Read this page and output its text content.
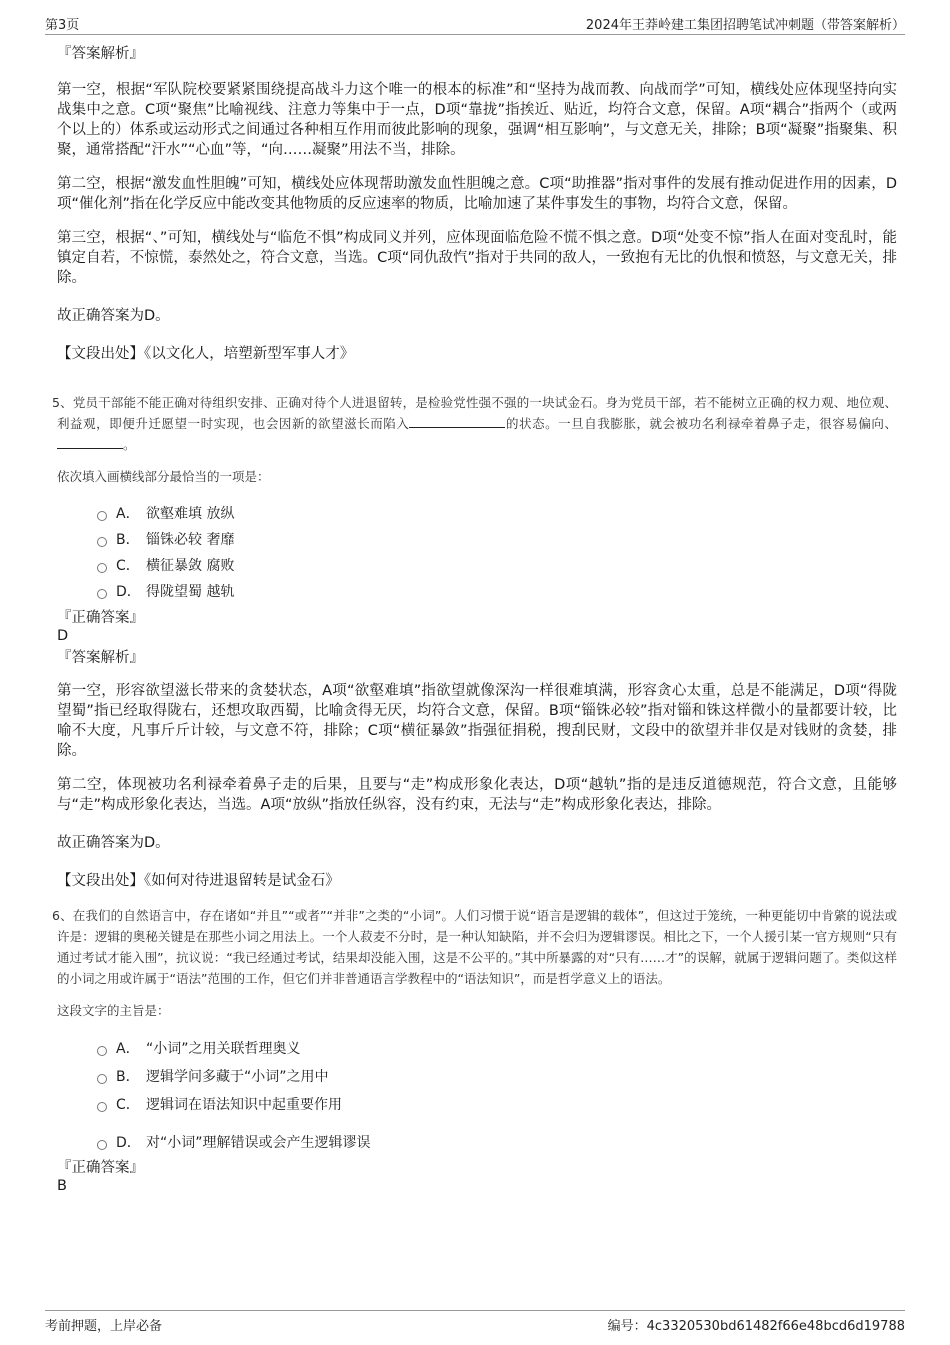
第3页	2024年王莽岭建工集团招聘笔试冲刺题（带答案解析）

『答案解析』

第一空，根据“军队院校要紧紧围绕提高战斗力这个唯一的根本的标准”和“坚持为战而教、向战而学”可知，横线处应体现坚持向实战集中之意。C项“聚焦”比喻视线、注意力等集中于一点，D项“靠拢”指挨近、贴近，均符合文意，保留。A项“耦合”指两个（或两个以上的）体系或运动形式之间通过各种相互作用而彼此影响的现象，强调“相互影响”，与文意无关，排除；B项“凝聚”指聚集、积聚，通常搭配“汗水”“心血”等，“向……凝聚”用法不当，排除。

第二空，根据“激发血性胆魄”可知，横线处应体现帮助激发血性胆魄之意。C项“助推器”指对事件的发展有推动促进作用的因素，D项“催化剂”指在化学反应中能改变其他物质的反应速率的物质，比喻加速了某件事发生的事物，均符合文意，保留。

第三空，根据“、”可知，横线处与“临危不惧”构成同义并列，应体现面临危险不慌不惧之意。D项“处变不惊”指人在面对变乱时，能镇定自若，不惊慌，泰然处之，符合文意，当选。C项“同仇敌忾”指对于共同的敌人，一致抱有无比的仇恨和愤怒，与文意无关，排除。

故正确答案为D。

【文段出处】《以文化人，培塑新型军事人才》

5、党员干部能不能正确对待组织安排、正确对待个人进退留转，是检验党性强不强的一块试金石。身为党员干部，若不能树立正确的权力观、地位观、利益观，即便升迁愿望一时实现，也会因新的欲望滋长而陷入	的状态。一旦自我膨胀，就会被功名利禄牵着鼻子走，很容易偏向、。

依次填入画横线部分最恰当的一项是：

A． 欲壑难填 放纵
B． 锱铢必较 奢靡
C． 横征暴敛 腐败
D． 得陇望蜀 越轨

『正确答案』

D

『答案解析』

第一空，形容欲望滋长带来的贪婪状态，A项“欲壑难填”指欲望就像深沟一样很难填满，形容贪心太重，总是不能满足，D项“得陇望蜀”指已经取得陇右，还想攻取西蜀，比喻贪得无厌，均符合文意，保留。B项“锱铢必较”指对锱和铢这样微小的量都要计较，比喻不大度，凡事斤斤计较，与文意不符，排除；C项“横征暴敛”指强征捐税，搜刮民财，文段中的欲望并非仅是对钱财的贪婪，排除。

第二空，体现被功名利禄牵着鼻子走的后果，且要与“走”构成形象化表达，D项“越轨”指的是违反道德规范，符合文意，且能够与“走”构成形象化表达，当选。A项“放纵”指放任纵容，没有约束，无法与“走”构成形象化表达，排除。

故正确答案为D。

【文段出处】《如何对待进退留转是试金石》

6、在我们的自然语言中，存在诸如“并且”“或者”“并非”之类的“小词”。人们习惯于说“语言是逻辑的载体”，但这过于笼统，一种更能切中肯綮的说法或许是：逻辑的奥秘关键是在那些小词之用法上。一个人菽麦不分时，是一种认知缺陷，并不会归为逻辑谬误。相比之下，一个人援引某一官方规则“只有通过考试才能入围”，抗议说：“我已经通过考试，结果却没能入围，这是不公平的。”其中所暴露的对“只有……才”的误解，就属于逻辑问题了。类似这样的小词之用或许属于“语法”范围的工作，但它们并非普通语言学教程中的“语法知识”，而是哲学意义上的语法。

这段文字的主旨是：

A． “小词”之用关联哲理奥义
B． 逻辑学问多藏于“小词”之用中
C． 逻辑词在语法知识中起重要作用
D． 对“小词”理解错误或会产生逻辑谬误

『正确答案』

B

考前押题，上岸必备	编号：4c3320530bd61482f66e48bcd6d19788
